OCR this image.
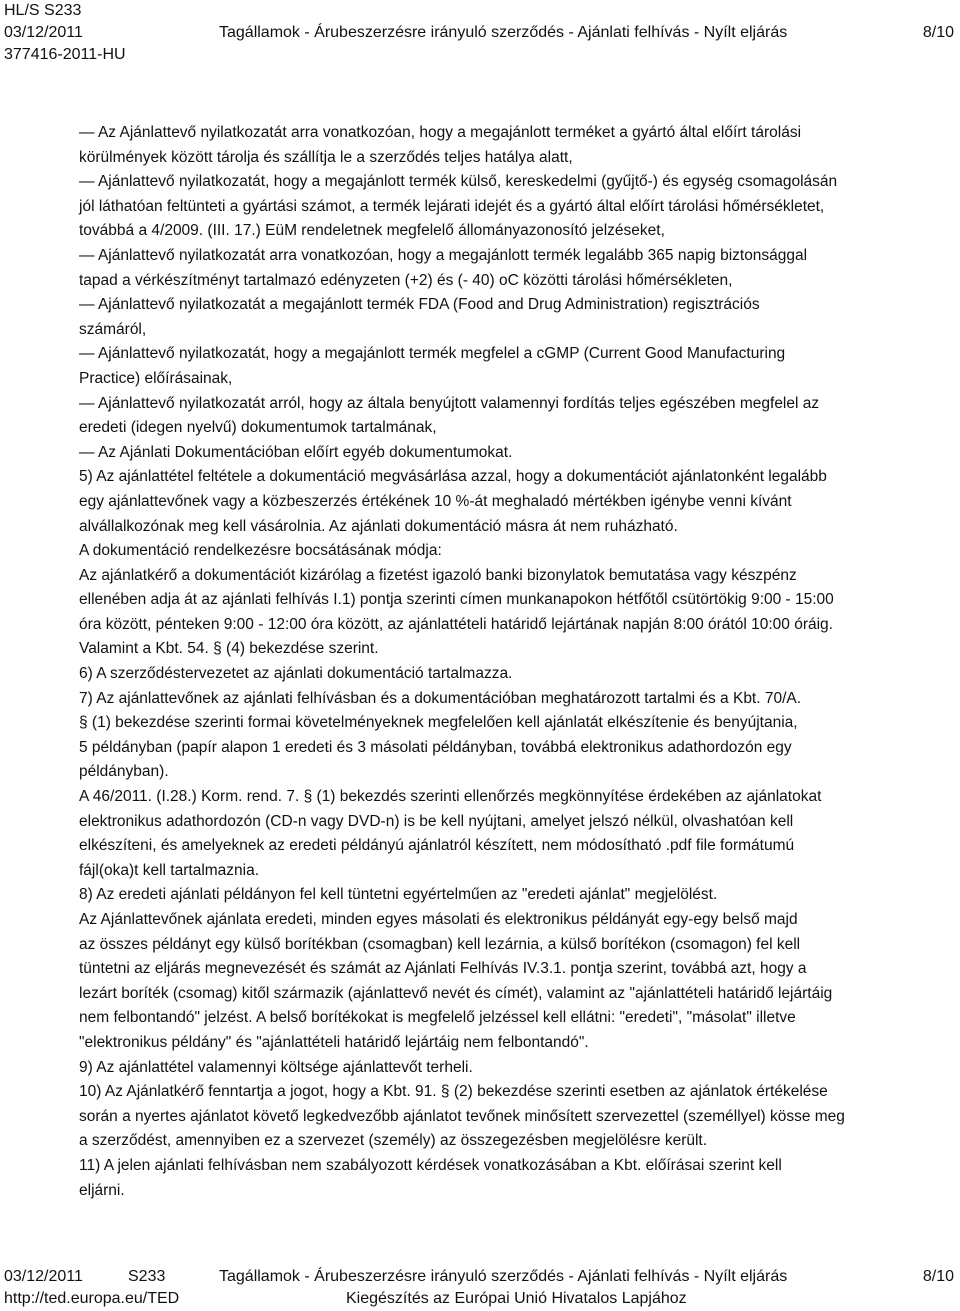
HL/S S233
03/12/2011
377416-2011-HU
Tagállamok - Árubeszerzésre irányuló szerződés - Ajánlati felhívás - Nyílt eljárás	8/10
— Az Ajánlattevő nyilatkozatát arra vonatkozóan, hogy a megajánlott terméket a gyártó által előírt tárolási
körülmények között tárolja és szállítja le a szerződés teljes hatálya alatt,
— Ajánlattevő nyilatkozatát, hogy a megajánlott termék külső, kereskedelmi (gyűjtő-) és egység csomagolásán
jól láthatóan feltünteti a gyártási számot, a termék lejárati idejét és a gyártó által előírt tárolási hőmérsékletet,
továbbá a 4/2009. (III. 17.) EüM rendeletnek megfelelő állományazonosító jelzéseket,
— Ajánlattevő nyilatkozatát arra vonatkozóan, hogy a megajánlott termék legalább 365 napig biztonsággal
tapad a vérkészítményt tartalmazó edényzeten (+2) és (- 40) oC közötti tárolási hőmérsékleten,
— Ajánlattevő nyilatkozatát a megajánlott termék FDA (Food and Drug Administration) regisztrációs
számáról,
— Ajánlattevő nyilatkozatát, hogy a megajánlott termék megfelel a cGMP (Current Good Manufacturing
Practice) előírásainak,
— Ajánlattevő nyilatkozatát arról, hogy az általa benyújtott valamennyi fordítás teljes egészében megfelel az
eredeti (idegen nyelvű) dokumentumok tartalmának,
— Az Ajánlati Dokumentációban előírt egyéb dokumentumokat.
5) Az ajánlattétel feltétele a dokumentáció megvásárlása azzal, hogy a dokumentációt ajánlatonként legalább
egy ajánlattevőnek vagy a közbeszerzés értékének 10 %-át meghaladó mértékben igénybe venni kívánt
alvállalkozónak meg kell vásárolnia. Az ajánlati dokumentáció másra át nem ruházható.
A dokumentáció rendelkezésre bocsátásának módja:
Az ajánlatkérő a dokumentációt kizárólag a fizetést igazoló banki bizonylatok bemutatása vagy készpénz
ellenében adja át az ajánlati felhívás I.1) pontja szerinti címen munkanapokon hétfőtől csütörtökig 9:00 - 15:00
óra között, pénteken 9:00 - 12:00 óra között, az ajánlattételi határidő lejártának napján 8:00 órától 10:00 óráig.
Valamint a Kbt. 54. § (4) bekezdése szerint.
6) A szerződéstervezetet az ajánlati dokumentáció tartalmazza.
7) Az ajánlattevőnek az ajánlati felhívásban és a dokumentációban meghatározott tartalmi és a Kbt. 70/A.
§ (1) bekezdése szerinti formai követelményeknek megfelelően kell ajánlatát elkészítenie és benyújtania,
5 példányban (papír alapon 1 eredeti és 3 másolati példányban, továbbá elektronikus adathordozón egy
példányban).
A 46/2011. (I.28.) Korm. rend. 7. § (1) bekezdés szerinti ellenőrzés megkönnyítése érdekében az ajánlatokat
elektronikus adathordozón (CD-n vagy DVD-n) is be kell nyújtani, amelyet jelszó nélkül, olvashatóan kell
elkészíteni, és amelyeknek az eredeti példányú ajánlatról készített, nem módosítható .pdf file formátumú
fájl(oka)t kell tartalmaznia.
8) Az eredeti ajánlati példányon fel kell tüntetni egyértelműen az "eredeti ajánlat" megjelölést.
Az Ajánlattevőnek ajánlata eredeti, minden egyes másolati és elektronikus példányát egy-egy belső majd
az összes példányt egy külső borítékban (csomagban) kell lezárnia, a külső borítékon (csomagon) fel kell
tüntetni az eljárás megnevezését és számát az Ajánlati Felhívás IV.3.1. pontja szerint, továbbá azt, hogy a
lezárt boríték (csomag) kitől származik (ajánlattevő nevét és címét), valamint az "ajánlattételi határidő lejártáig
nem felbontandó" jelzést. A belső borítékokat is megfelelő jelzéssel kell ellátni: "eredeti", "másolat" illetve
"elektronikus példány" és "ajánlattételi határidő lejártáig nem felbontandó".
9) Az ajánlattétel valamennyi költsége ajánlattevőt terheli.
10) Az Ajánlatkérő fenntartja a jogot, hogy a Kbt. 91. § (2) bekezdése szerinti esetben az ajánlatok értékelése
során a nyertes ajánlatot követő legkedvezőbb ajánlatot tevőnek minősített szervezettel (személlyel) kösse meg
a szerződést, amennyiben ez a szervezet (személy) az összegezésben megjelölésre került.
11) A jelen ajánlati felhívásban nem szabályozott kérdések vonatkozásában a Kbt. előírásai szerint kell
eljárni.
03/12/2011	S233	Tagállamok - Árubeszerzésre irányuló szerződés - Ajánlati felhívás - Nyílt eljárás	8/10
http://ted.europa.eu/TED	Kiegészítés az Európai Unió Hivatalos Lapjához
